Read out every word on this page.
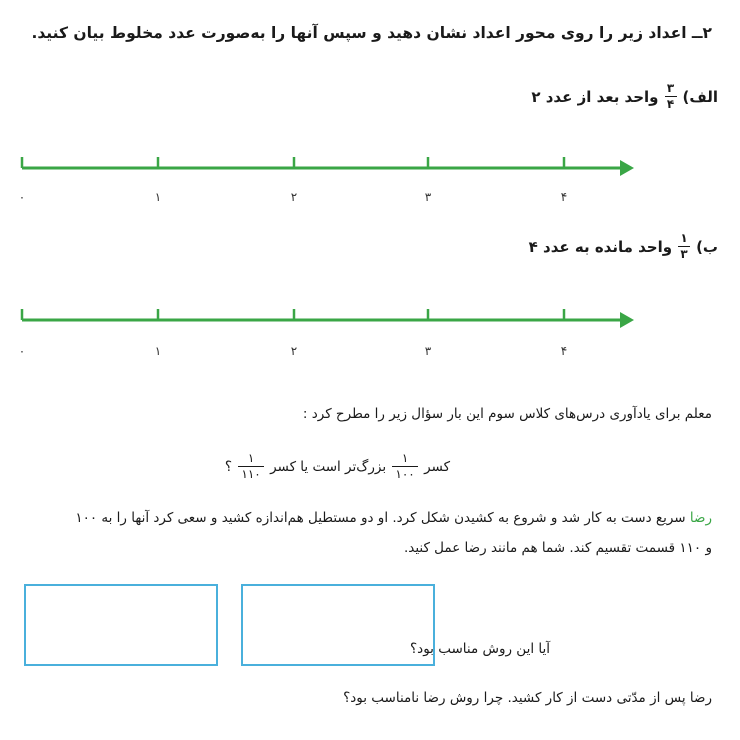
۲ــ اعداد زیر را روی محور اعداد نشان دهید و سپس آنها را به‌صورت عدد مخلوط بیان کنید.
الف)
$\frac{۳}{۴}$
واحد بعد از عدد ۲
۰	۱	۲	۳	۴
ب)
$\frac{۱}{۳}$
واحد مانده به عدد ۴
۰	۱	۲	۳	۴
معلم برای یادآوری درس‌های کلاس سوم این بار سؤال زیر را مطرح کرد :
کسر
$\frac{۱}{۱۰۰}$
بزرگ‌تر است یا کسر
$\frac{۱}{۱۱۰}$
؟
رضا سریع دست به کار شد و شروع به کشیدن شکل کرد. او دو مستطیل هم‌اندازه کشید و سعی کرد آنها را به ۱۰۰
و ۱۱۰ قسمت تقسیم کند. شما هم مانند رضا عمل کنید.
آیا این روش مناسب بود؟
رضا پس از مدّتی دست از کار کشید. چرا روش رضا نامناسب بود؟
